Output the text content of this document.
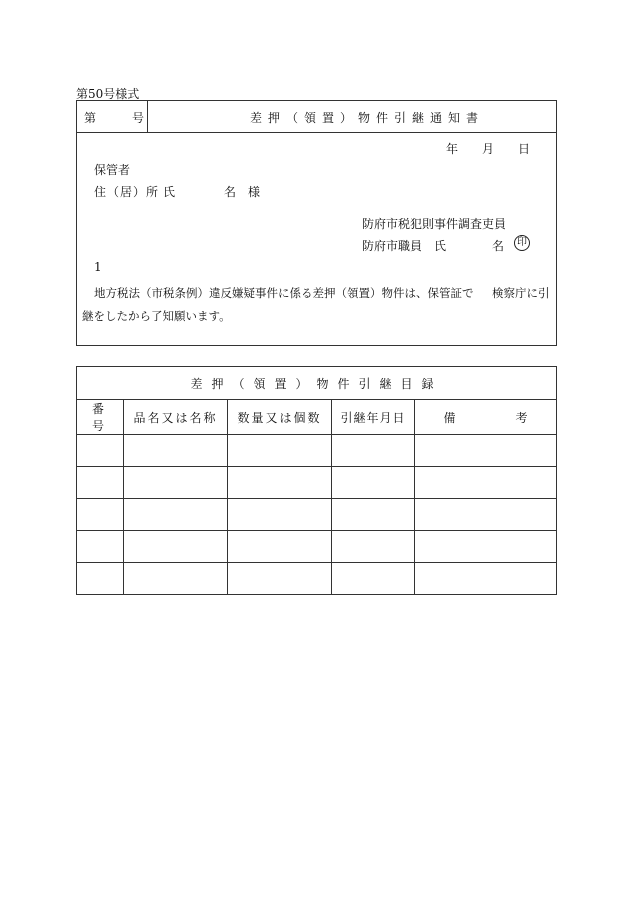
第50号様式
第	号	差押（領置）物件引継通知書
年 月 日
保管者
住（居）所 氏	名 様
防府市税犯則事件調査吏員
防府市職員 氏	名	印
1
地方税法（市税条例）違反嫌疑事件に係る差押（領置）物件は、保管証で 検察庁に引
継をしたから了知願います。
差押（領置）物件引継目録				
番　号	品名又は名称	数量又は個数	引継年月日	備　　　　　考
